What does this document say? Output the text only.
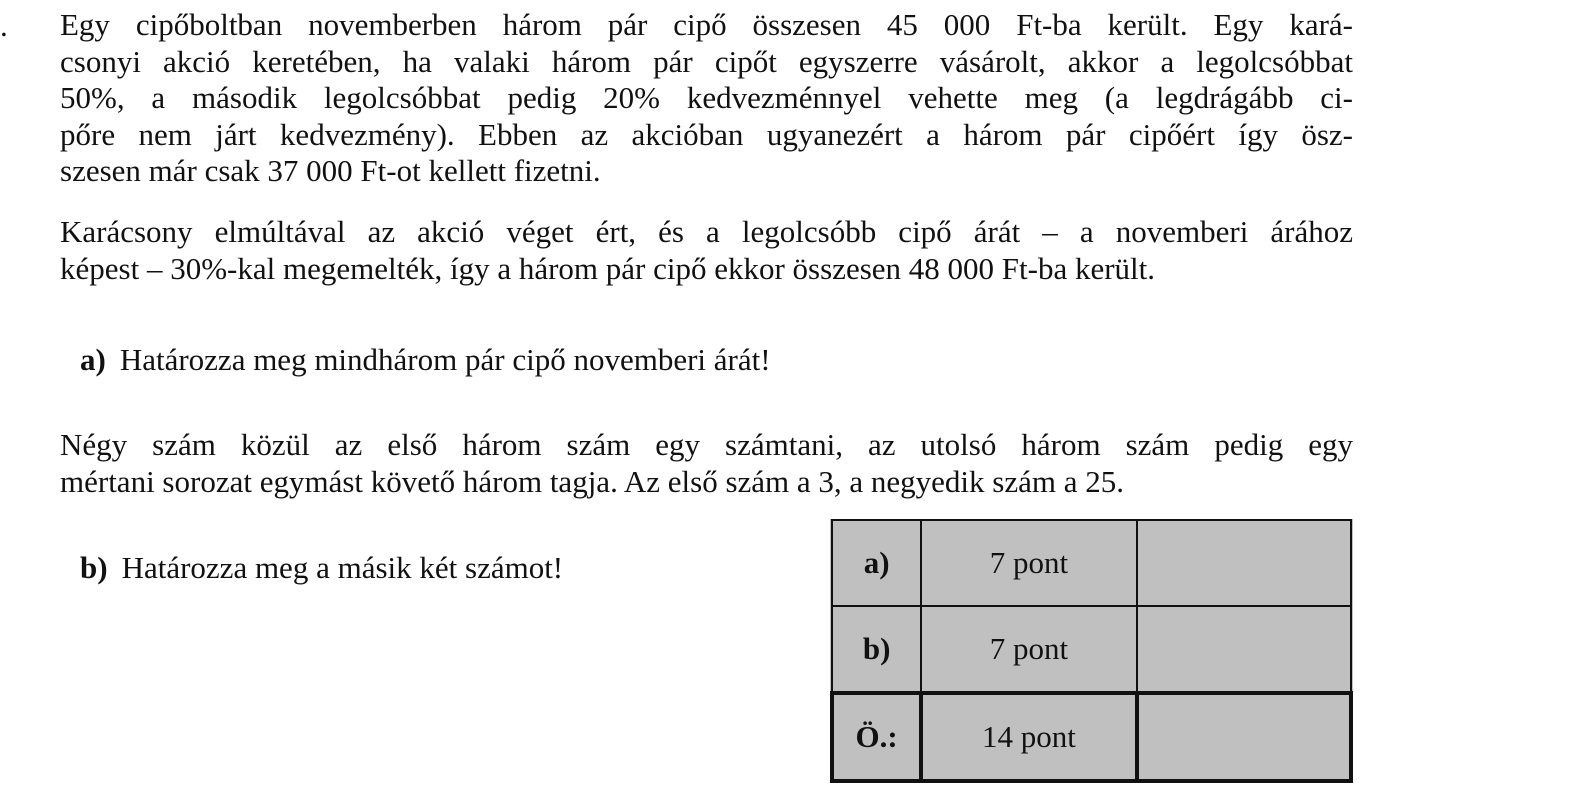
. Egy cipőboltban novemberben három pár cipő összesen 45 000 Ft-ba került. Egy kará-
csonyi akció keretében, ha valaki három pár cipőt egyszerre vásárolt, akkor a legolcsóbbat
50%, a második legolcsóbbat pedig 20% kedvezménnyel vehette meg (a legdrágább ci-
pőre nem járt kedvezmény). Ebben az akcióban ugyanezért a három pár cipőért így ösz-
szesen már csak 37 000 Ft-ot kellett fizetni.
Karácsony elmúltával az akció véget ért, és a legolcsóbb cipő árát – a novemberi árához
képest – 30%-kal megemelték, így a három pár cipő ekkor összesen 48 000 Ft-ba került.

a) Határozza meg mindhárom pár cipő novemberi árát!

Négy szám közül az első három szám egy számtani, az utolsó három szám pedig egy
mértani sorozat egymást követő három tagja. Az első szám a 3, a negyedik szám a 25.

b) Határozza meg a másik két számot!	a)	7 pont	
b)	7 pont	
Ö.:	14 pont	
